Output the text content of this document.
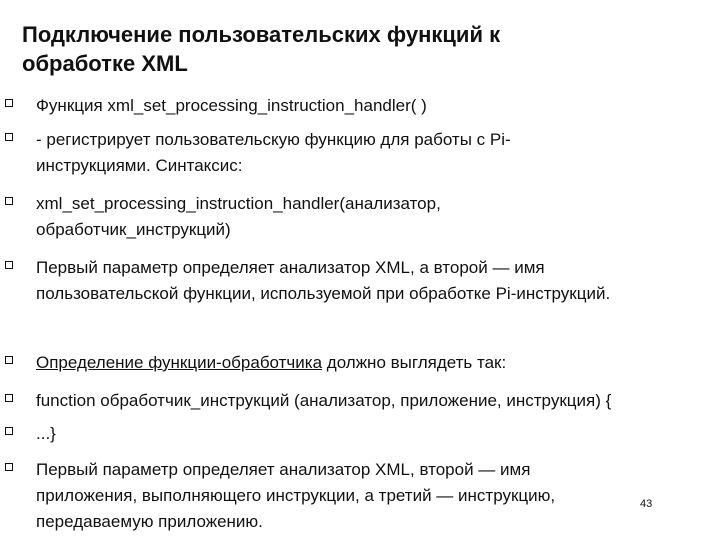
Подключение пользовательских функций к
обработке XML
Функция xml_set_processing_instruction_handler( )
- регистрирует пользовательскую функцию для работы с Pi-
инструкциями. Синтаксис:
xml_set_processing_instruction_handler(анализатор,
обработчик_инструкций)
Первый параметр определяет анализатор XML, а второй — имя
пользовательской функции, используемой при обработке Pi-инструкций.
Определение функции-обработчика должно выглядеть так:
function обработчик_инструкций (анализатор, приложение, инструкция) {
...}
Первый параметр определяет анализатор XML, второй — имя
приложения, выполняющего инструкции, а третий — инструкцию,
передаваемую приложению.
43
